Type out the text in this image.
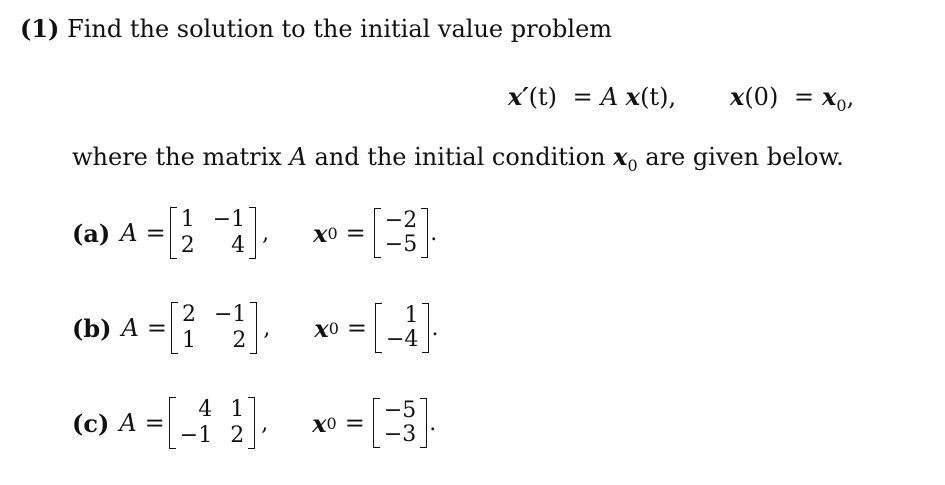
(1) Find the solution to the initial value problem
x′(t) = A x(t), $x(0) = x_0$,
where the matrix A and the initial condition $x_0$ are given below.
(a) A = 1 −1
2	4 , x 0 = −2
−5 .
(b) A = 2 −1
1	2 , x 0 = 1
−4 .
(c) A =	4 1
−1 2 , x 0 = −5
−3 .
